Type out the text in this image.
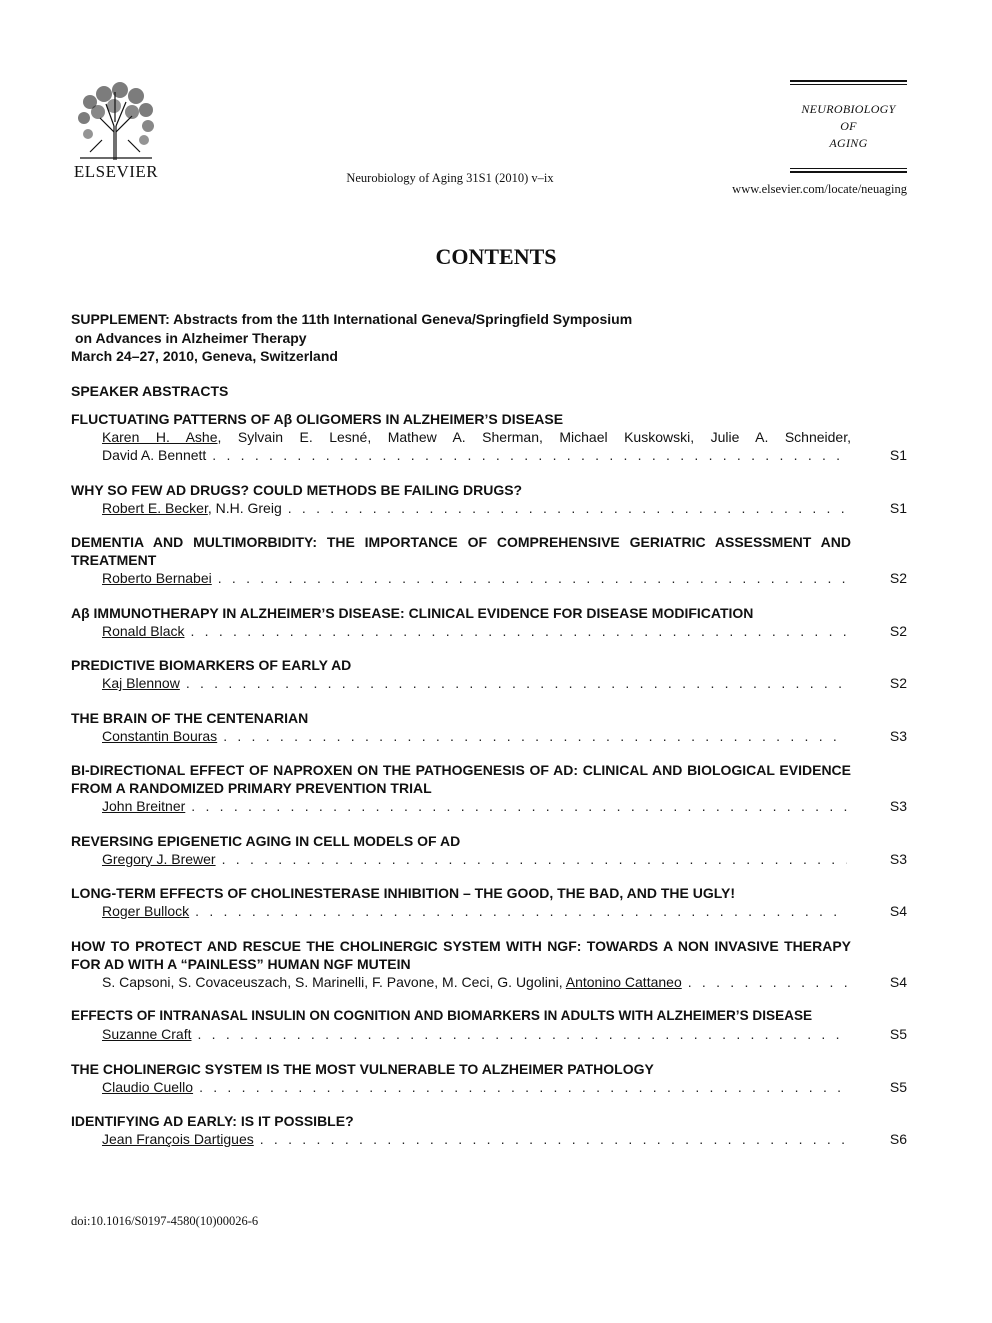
ELSEVIER	Neurobiology of Aging 31S1 (2010) v–ix
NEUROBIOLOGY
OF
AGING
www.elsevier.com/locate/neuaging
CONTENTS
SUPPLEMENT: Abstracts from the 11th International Geneva/Springfield Symposium
on Advances in Alzheimer Therapy
March 24–27, 2010, Geneva, Switzerland
SPEAKER ABSTRACTS
FLUCTUATING PATTERNS OF Aβ OLIGOMERS IN ALZHEIMER’S DISEASE
Karen H. Ashe, Sylvain E. Lesné, Mathew A. Sherman, Michael Kuskowski, Julie A. Schneider,
David A. Bennett . . .	S1
WHY SO FEW AD DRUGS? COULD METHODS BE FAILING DRUGS?
Robert E. Becker, N.H. Greig . . .	S1
DEMENTIA AND MULTIMORBIDITY: THE IMPORTANCE OF COMPREHENSIVE GERIATRIC ASSESSMENT AND TREATMENT
Roberto Bernabei . . .	S2
Aβ IMMUNOTHERAPY IN ALZHEIMER’S DISEASE: CLINICAL EVIDENCE FOR DISEASE MODIFICATION
Ronald Black . . .	S2
PREDICTIVE BIOMARKERS OF EARLY AD
Kaj Blennow . . .	S2
THE BRAIN OF THE CENTENARIAN
Constantin Bouras . . .	S3
BI-DIRECTIONAL EFFECT OF NAPROXEN ON THE PATHOGENESIS OF AD: CLINICAL AND BIOLOGICAL EVIDENCE FROM A RANDOMIZED PRIMARY PREVENTION TRIAL
John Breitner . . .	S3
REVERSING EPIGENETIC AGING IN CELL MODELS OF AD
Gregory J. Brewer . . .	S3
LONG-TERM EFFECTS OF CHOLINESTERASE INHIBITION – THE GOOD, THE BAD, AND THE UGLY!
Roger Bullock . . .	S4
HOW TO PROTECT AND RESCUE THE CHOLINERGIC SYSTEM WITH NGF: TOWARDS A NON INVASIVE THERAPY FOR AD WITH A “PAINLESS” HUMAN NGF MUTEIN
S. Capsoni, S. Covaceuszach, S. Marinelli, F. Pavone, M. Ceci, G. Ugolini, Antonino Cattaneo . . .	S4
EFFECTS OF INTRANASAL INSULIN ON COGNITION AND BIOMARKERS IN ADULTS WITH ALZHEIMER’S DISEASE
Suzanne Craft . . .	S5
THE CHOLINERGIC SYSTEM IS THE MOST VULNERABLE TO ALZHEIMER PATHOLOGY
Claudio Cuello . . .	S5
IDENTIFYING AD EARLY: IS IT POSSIBLE?
Jean François Dartigues . . .	S6
doi:10.1016/S0197-4580(10)00026-6
